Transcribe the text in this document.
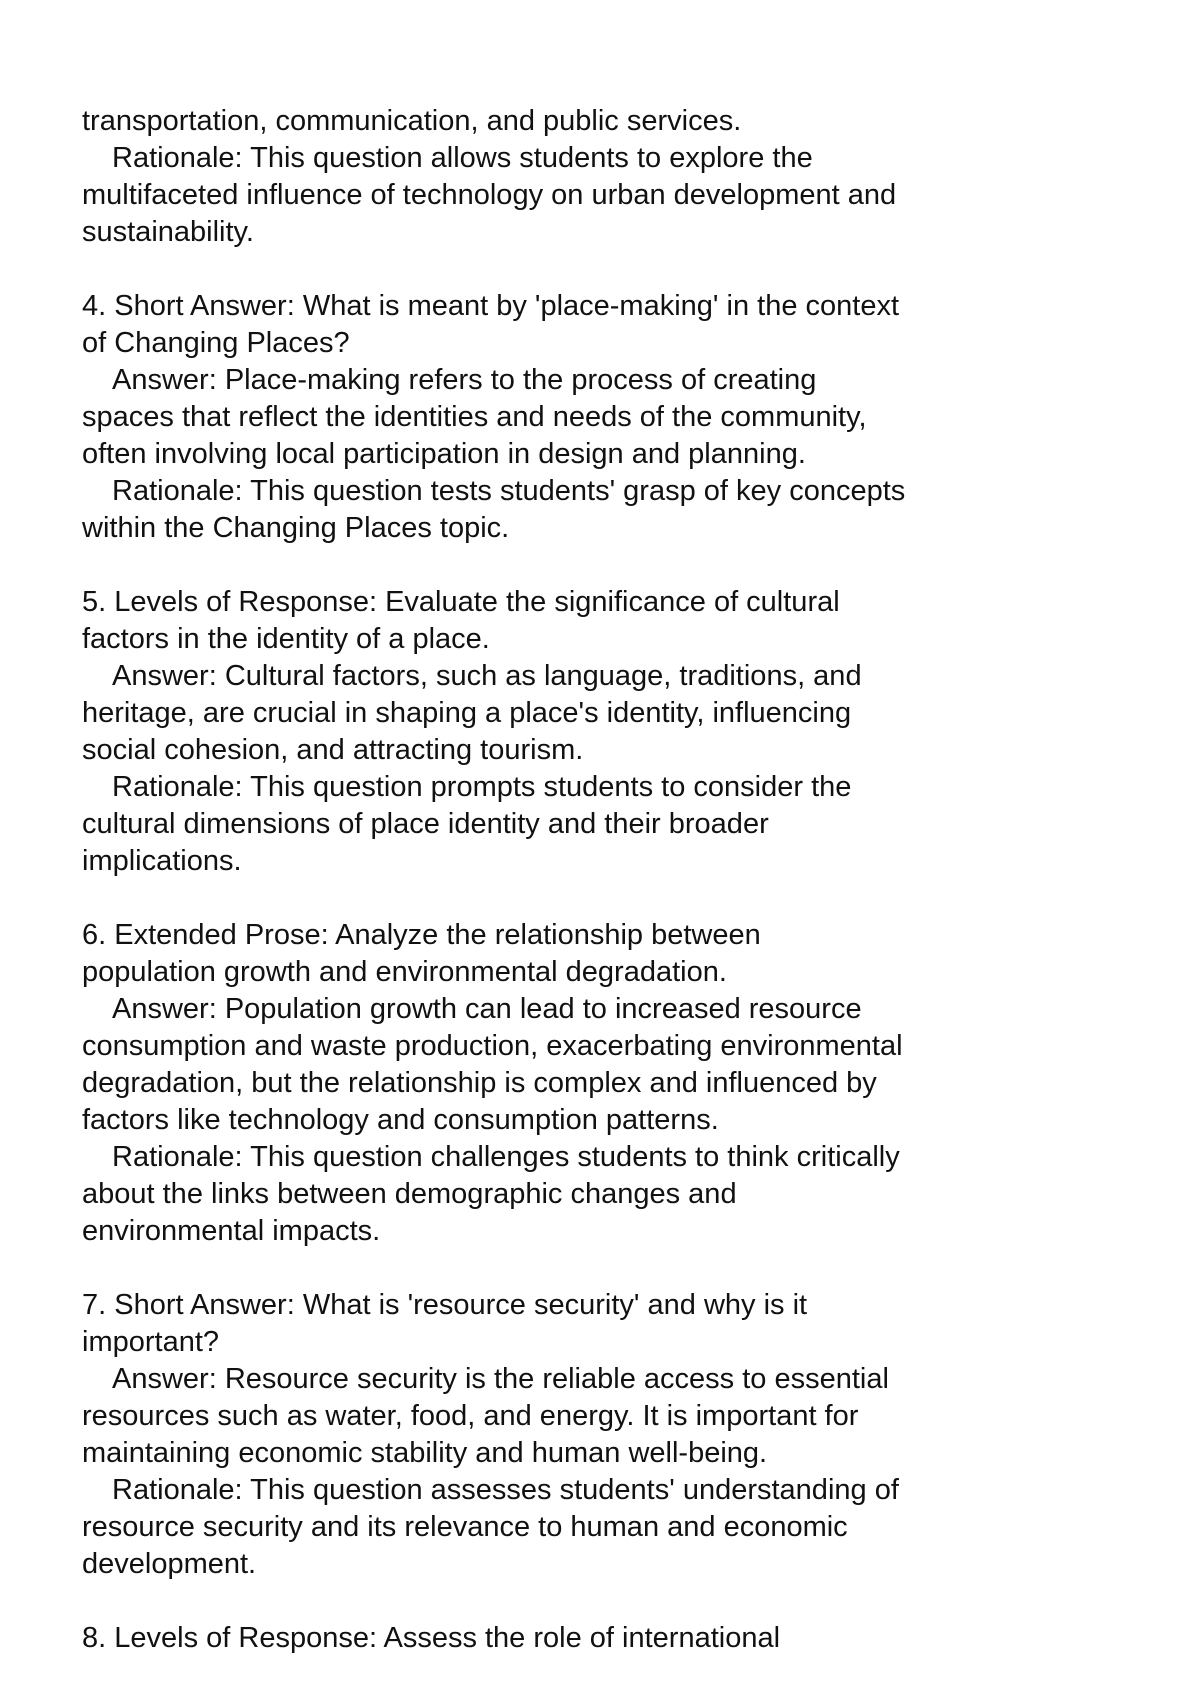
transportation, communication, and public services.
Rationale: This question allows students to explore the
multifaceted influence of technology on urban development and
sustainability.
4. Short Answer: What is meant by 'place-making' in the context
of Changing Places?
Answer: Place-making refers to the process of creating
spaces that reflect the identities and needs of the community,
often involving local participation in design and planning.
Rationale: This question tests students' grasp of key concepts
within the Changing Places topic.
5. Levels of Response: Evaluate the significance of cultural
factors in the identity of a place.
Answer: Cultural factors, such as language, traditions, and
heritage, are crucial in shaping a place's identity, influencing
social cohesion, and attracting tourism.
Rationale: This question prompts students to consider the
cultural dimensions of place identity and their broader
implications.
6. Extended Prose: Analyze the relationship between
population growth and environmental degradation.
Answer: Population growth can lead to increased resource
consumption and waste production, exacerbating environmental
degradation, but the relationship is complex and influenced by
factors like technology and consumption patterns.
Rationale: This question challenges students to think critically
about the links between demographic changes and
environmental impacts.
7. Short Answer: What is 'resource security' and why is it
important?
Answer: Resource security is the reliable access to essential
resources such as water, food, and energy. It is important for
maintaining economic stability and human well-being.
Rationale: This question assesses students' understanding of
resource security and its relevance to human and economic
development.
8. Levels of Response: Assess the role of international
